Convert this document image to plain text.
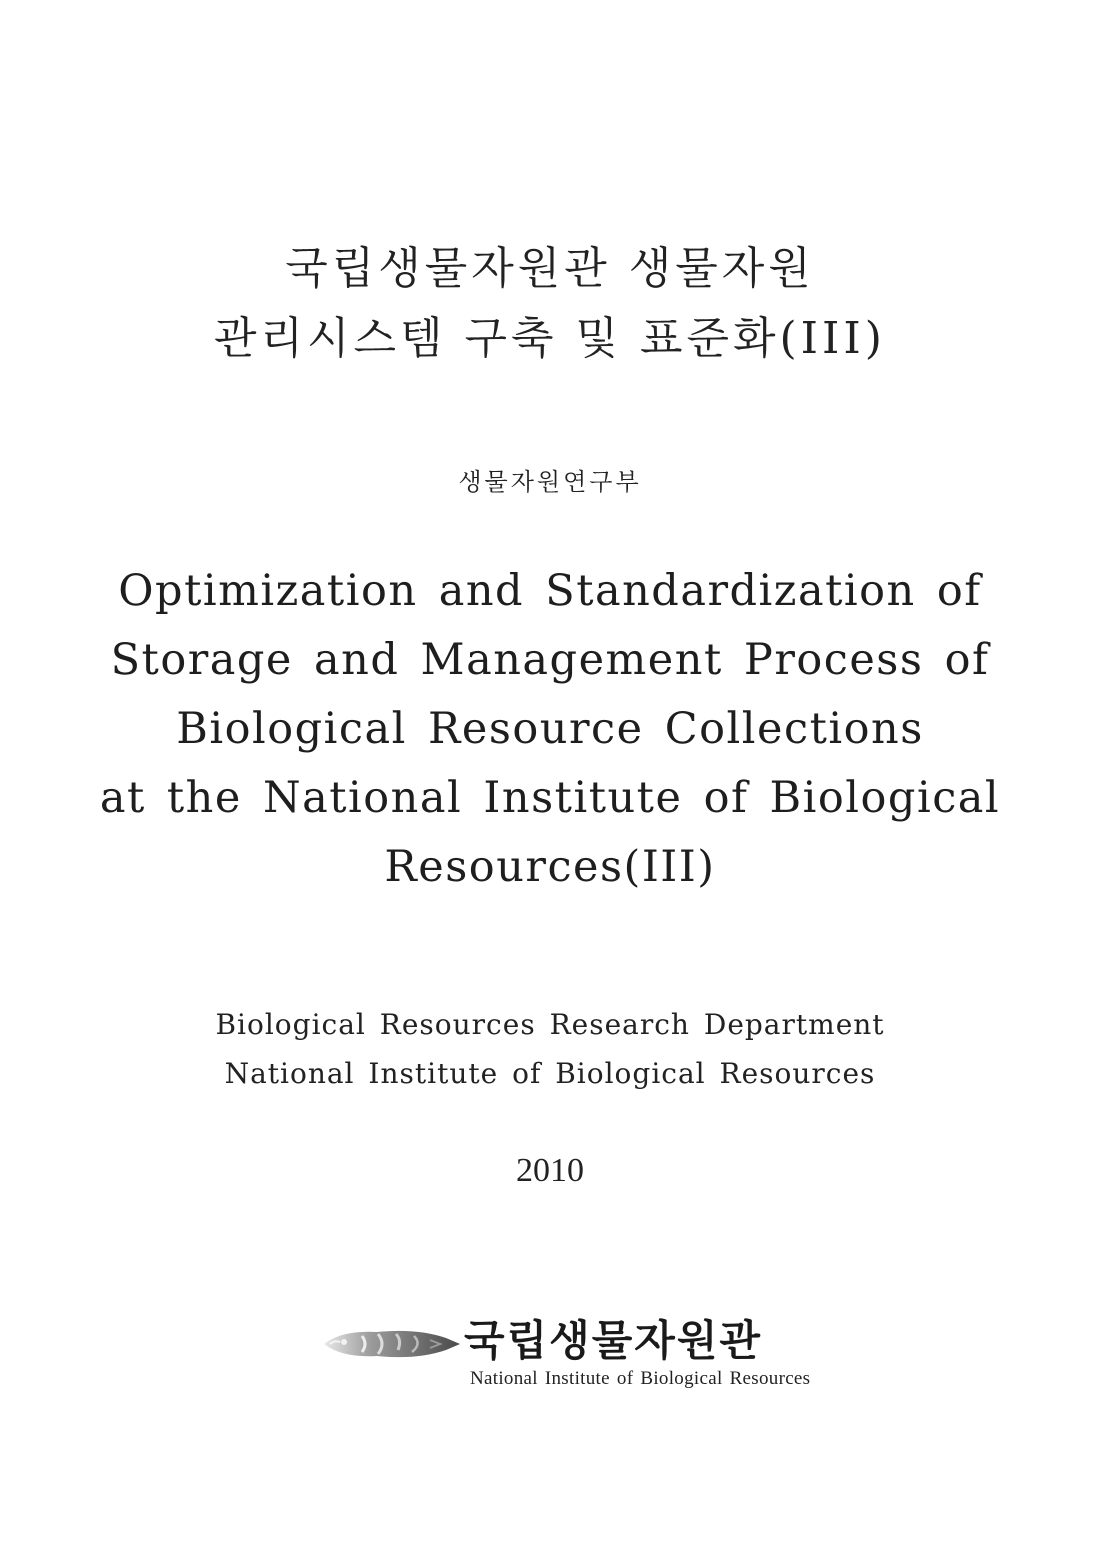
국립생물자원관 생물자원
관리시스템 구축 및 표준화(III)
생물자원연구부
Optimization and Standardization of
Storage and Management Process of
Biological Resource Collections
at the National Institute of Biological
Resources(III)
Biological Resources Research Department
National Institute of Biological Resources
2010
국립생물자원관
National Institute of Biological Resources
